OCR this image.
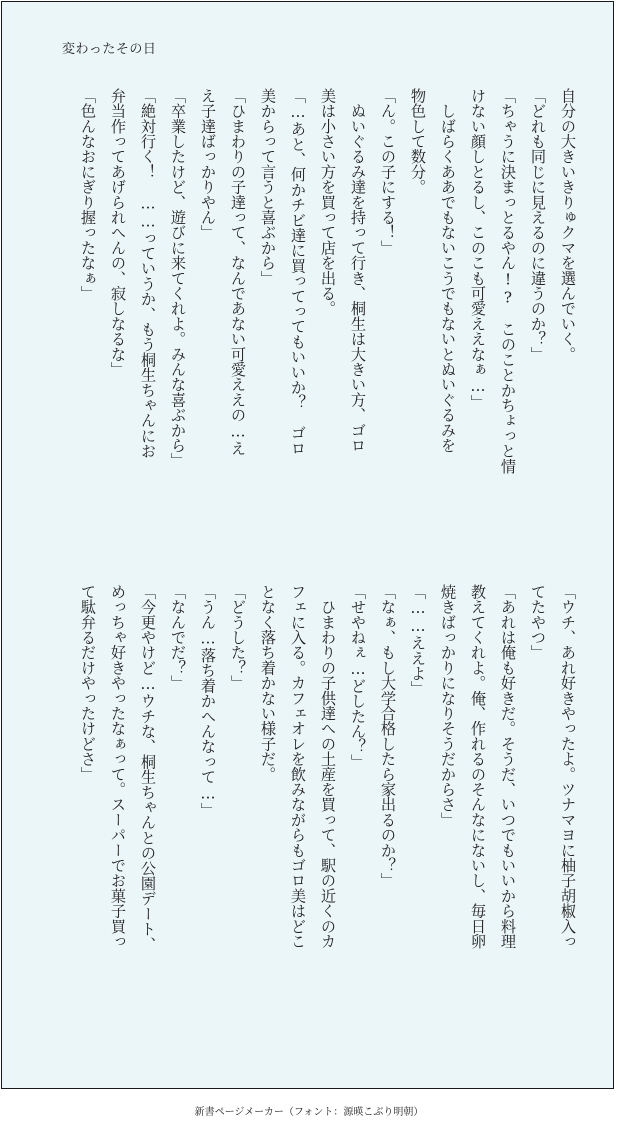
変わったその日
自分の大きいきりゅクマを選んでいく。
「どれも同じに見えるのに違うのか？」
「ちゃうに決まっとるやん!?　このことかちょっと情
けない顔しとるし、このこも可愛ええなぁ…」
　しばらくああでもないこうでもないとぬいぐるみを
物色して数分。
「ん。この子にする！」
　ぬいぐるみ達を持って行き、桐生は大きい方、ゴロ
美は小さい方を買って店を出る。
「…あと、何かチビ達に買ってってもいいか？　ゴロ
美からって言うと喜ぶから」
「ひまわりの子達って、なんであない可愛ええの…え
え子達ばっかりやん」
「卒業したけど、遊びに来てくれよ。みんな喜ぶから」
「絶対行く！　……っていうか、もう桐生ちゃんにお
弁当作ってあげられへんの、寂しなるな」
「色んなおにぎり握ったなぁ」
「ウチ、あれ好きやったよ。ツナマヨに柚子胡椒入っ
てたやつ」
「あれは俺も好きだ。そうだ、いつでもいいから料理
教えてくれよ。俺、作れるのそんなにないし、毎日卵
焼きばっかりになりそうだからさ」
「……ええよ」
「なぁ、もし大学合格したら家出るのか？」
「せやねぇ…どしたん？」
　ひまわりの子供達への土産を買って、駅の近くのカ
フェに入る。カフェオレを飲みながらもゴロ美はどこ
となく落ち着かない様子だ。
「どうした？」
「うん…落ち着かへんなって…」
「なんでだ？」
「今更やけど…ウチな、桐生ちゃんとの公園デート、
めっちゃ好きやったなぁって。スーパーでお菓子買っ
て駄弁るだけやったけどさ」
新書ページメーカー（フォント：源暎こぶり明朝）
